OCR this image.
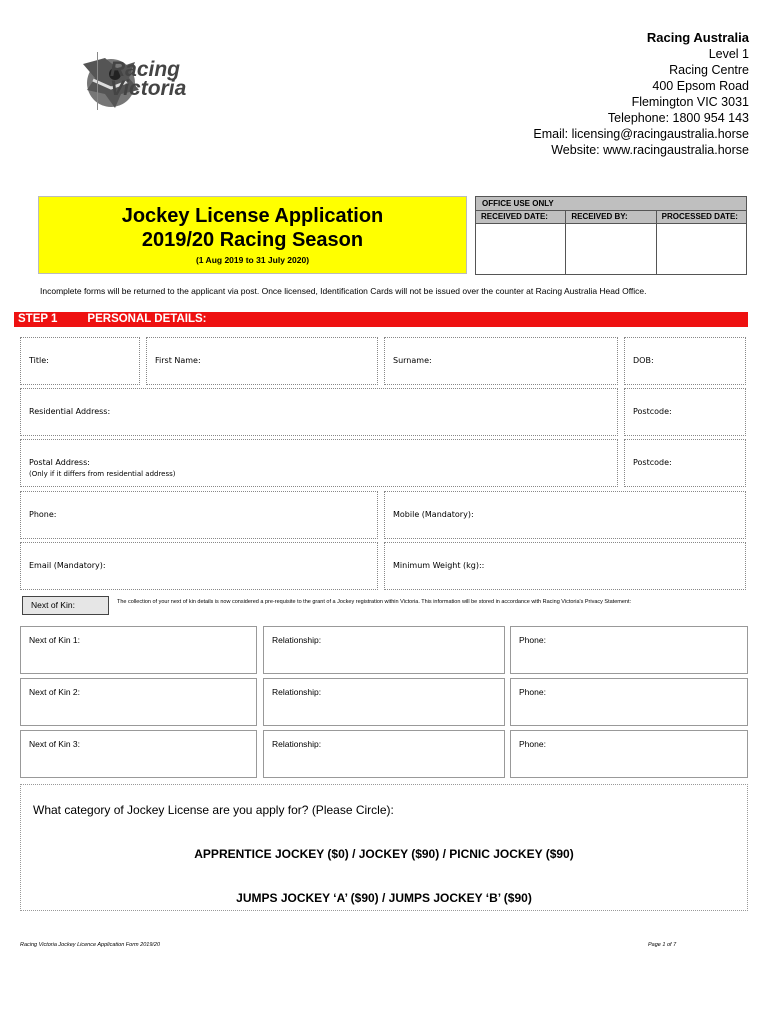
Racing
Victoria
Racing Australia
Level 1
Racing Centre
400 Epsom Road
Flemington VIC 3031
Telephone: 1800 954 143
Email: licensing@racingaustralia.horse
Website: www.racingaustralia.horse
Jockey License Application
2019/20 Racing Season
(1 Aug 2019 to 31 July 2020)
OFFICE USE ONLY
RECEIVED DATE:	RECEIVED BY:	PROCESSED DATE:
Incomplete forms will be returned to the applicant via post. Once licensed, Identification Cards will not be issued over the counter at Racing Australia Head Office.
STEP 1	PERSONAL DETAILS:
Title:	First Name:	Surname:	DOB:
Residential Address:	Postcode:
Postal Address:
(Only if it differs from residential address)
Postcode:
Phone:	Mobile (Mandatory):
Email (Mandatory):	Minimum Weight (kg)::
Next of Kin:	The collection of your next of kin details is now considered a pre-requisite to the grant of a Jockey registration within Victoria. This information will be stored in accordance with Racing Victoria's Privacy Statement:
Next of Kin 1:	Relationship:	Phone:
Next of Kin 2:	Relationship:	Phone:
Next of Kin 3:	Relationship:	Phone:
What category of Jockey License are you apply for? (Please Circle):
APPRENTICE JOCKEY ($0) / JOCKEY ($90) / PICNIC JOCKEY ($90)
JUMPS JOCKEY ‘A’ ($90) / JUMPS JOCKEY ‘B’ ($90)
Racing Victoria Jockey Licence Application Form 2019/20	Page 1 of 7
